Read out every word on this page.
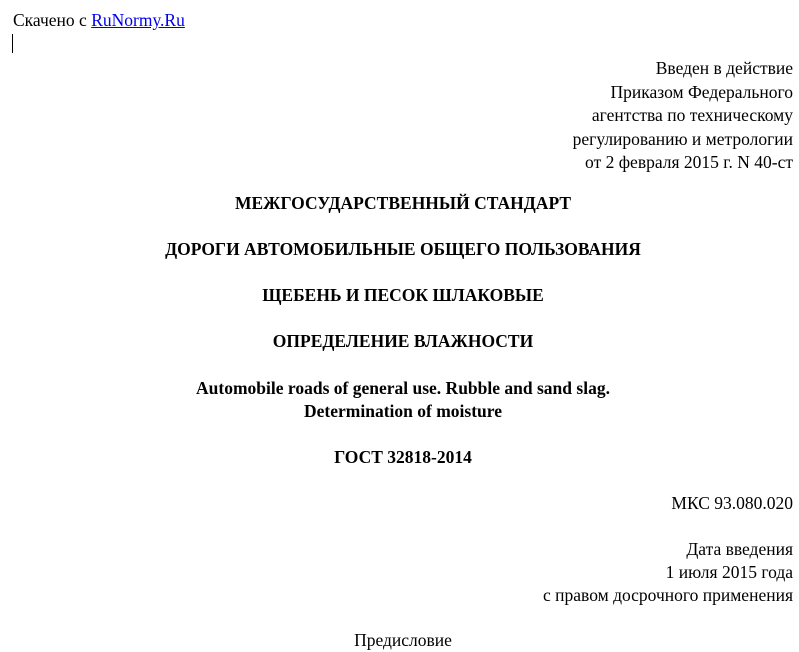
Скачено с RuNormy.Ru
Введен в действие
Приказом Федерального
агентства по техническому
регулированию и метрологии
от 2 февраля 2015 г. N 40-ст
МЕЖГОСУДАРСТВЕННЫЙ СТАНДАРТ
ДОРОГИ АВТОМОБИЛЬНЫЕ ОБЩЕГО ПОЛЬЗОВАНИЯ
ЩЕБЕНЬ И ПЕСОК ШЛАКОВЫЕ
ОПРЕДЕЛЕНИЕ ВЛАЖНОСТИ
Automobile roads of general use. Rubble and sand slag.
Determination of moisture
ГОСТ 32818-2014
МКС 93.080.020
Дата введения
1 июля 2015 года
с правом досрочного применения
Предисловие
